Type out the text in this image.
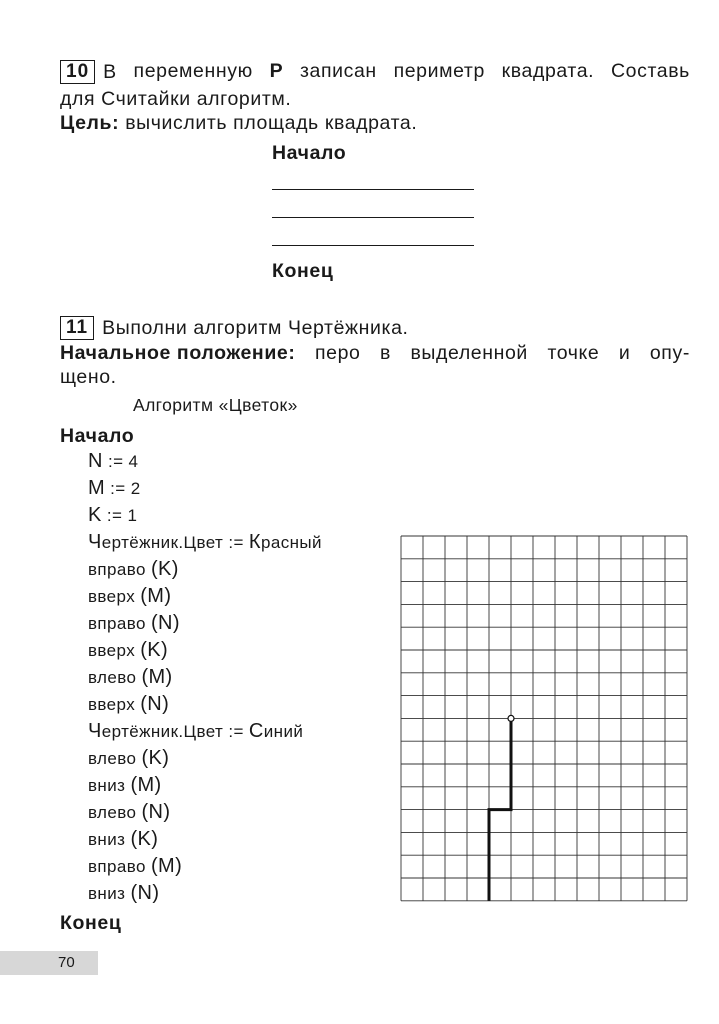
10 В переменную P записан периметр квадрата. Составь
для Считайки алгоритм.
Цель: вычислить площадь квадрата.
Начало
Конец
11 Выполни алгоритм Чертёжника.
Начальное положение: перо в выделенной точке и опу-
щено.
Алгоритм «Цветок»
Начало
N := 4
M := 2
K := 1
Чертёжник.Цвет := Красный
вправо (K)
вверх (M)
вправо (N)
вверх (K)
влево (M)
вверх (N)
Чертёжник.Цвет := Синий
влево (K)
вниз (M)
влево (N)
вниз (K)
вправо (M)
вниз (N)
Конец
70
